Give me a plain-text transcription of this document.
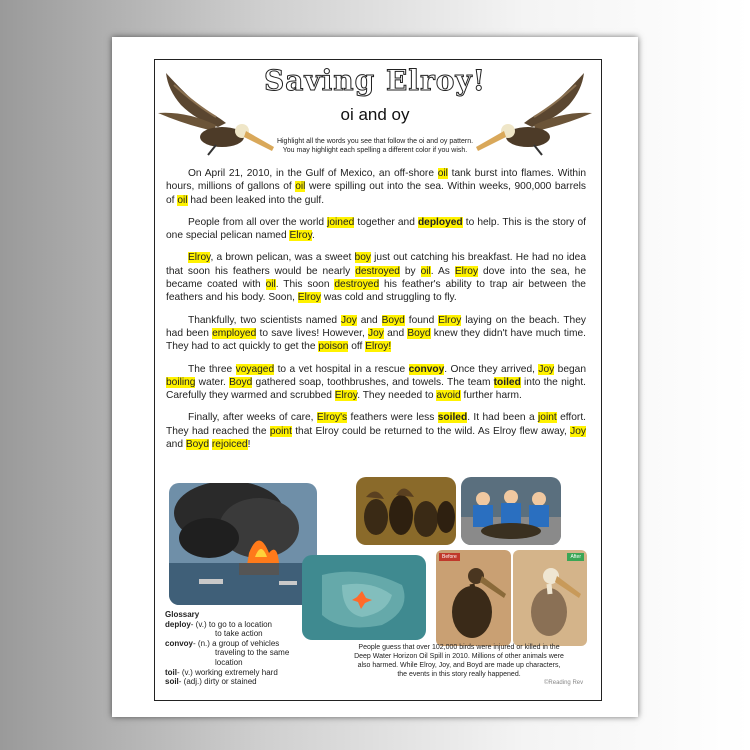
Saving Elroy!
oi and oy
Highlight all the words you see that follow the oi and oy pattern.
You may highlight each spelling a different color if you wish.

On April 21, 2010, in the Gulf of Mexico, an off-shore oil tank burst into flames. Within hours, millions of gallons of oil were spilling out into the sea. Within weeks, 900,000 barrels of oil had been leaked into the gulf.

People from all over the world joined together and deployed to help. This is the story of one special pelican named Elroy.

Elroy, a brown pelican, was a sweet boy just out catching his breakfast. He had no idea that soon his feathers would be nearly destroyed by oil. As Elroy dove into the sea, he became coated with oil. This soon destroyed his feather's ability to trap air between the feathers and his body. Soon, Elroy was cold and struggling to fly.

Thankfully, two scientists named Joy and Boyd found Elroy laying on the beach. They had been employed to save lives! However, Joy and Boyd knew they didn't have much time. They had to act quickly to get the poison off Elroy!

The three voyaged to a vet hospital in a rescue convoy. Once they arrived, Joy began boiling water. Boyd gathered soap, toothbrushes, and towels. The team toiled into the night. Carefully they warmed and scrubbed Elroy. They needed to avoid further harm.

Finally, after weeks of care, Elroy's feathers were less soiled. It had been a joint effort. They had reached the point that Elroy could be returned to the wild. As Elroy flew away, Joy and Boyd rejoiced!

Before	After
Glossary
deploy- (v.) to go to a location
to take action
convoy- (n.) a group of vehicles
traveling to the same
location
toil- (v.) working extremely hard
soil- (adj.) dirty or stained
People guess that over 102,000 birds were injured or killed in the
Deep Water Horizon Oil Spill in 2010. Millions of other animals were
also harmed. While Elroy, Joy, and Boyd are made up characters,
the events in this story really happened.
©Reading Rev
